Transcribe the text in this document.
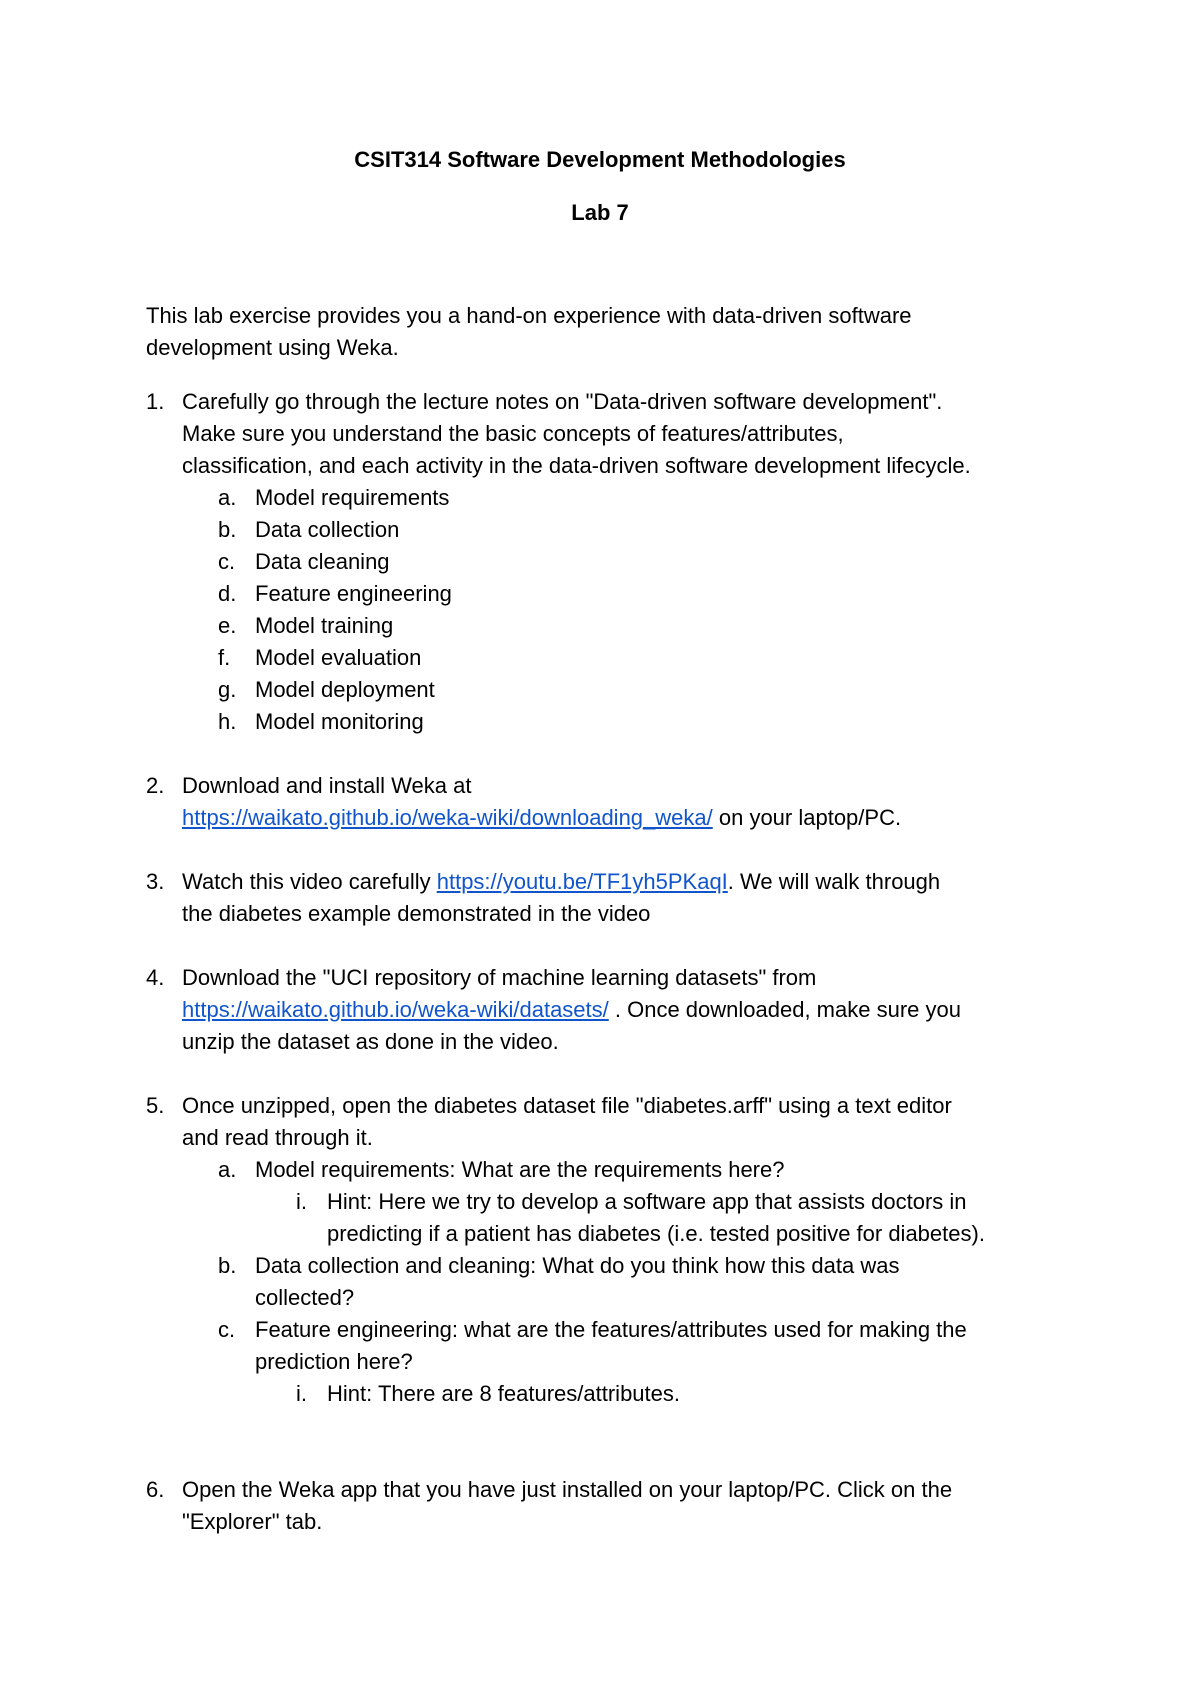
CSIT314 Software Development Methodologies
Lab 7
This lab exercise provides you a hand-on experience with data-driven software
development using Weka.
1. Carefully go through the lecture notes on "Data-driven software development".
Make sure you understand the basic concepts of features/attributes,
classification, and each activity in the data-driven software development lifecycle.
a. Model requirements
b. Data collection
c. Data cleaning
d. Feature engineering
e. Model training
f. Model evaluation
g. Model deployment
h. Model monitoring
2. Download and install Weka at
https://waikato.github.io/weka-wiki/downloading_weka/ on your laptop/PC.
3. Watch this video carefully https://youtu.be/TF1yh5PKaqI. We will walk through
the diabetes example demonstrated in the video
4. Download the "UCI repository of machine learning datasets" from
https://waikato.github.io/weka-wiki/datasets/ . Once downloaded, make sure you
unzip the dataset as done in the video.
5. Once unzipped, open the diabetes dataset file "diabetes.arff" using a text editor
and read through it.
a. Model requirements: What are the requirements here?
i. Hint: Here we try to develop a software app that assists doctors in
predicting if a patient has diabetes (i.e. tested positive for diabetes).
b. Data collection and cleaning: What do you think how this data was
collected?
c. Feature engineering: what are the features/attributes used for making the
prediction here?
i. Hint: There are 8 features/attributes.
6. Open the Weka app that you have just installed on your laptop/PC. Click on the
"Explorer" tab.
